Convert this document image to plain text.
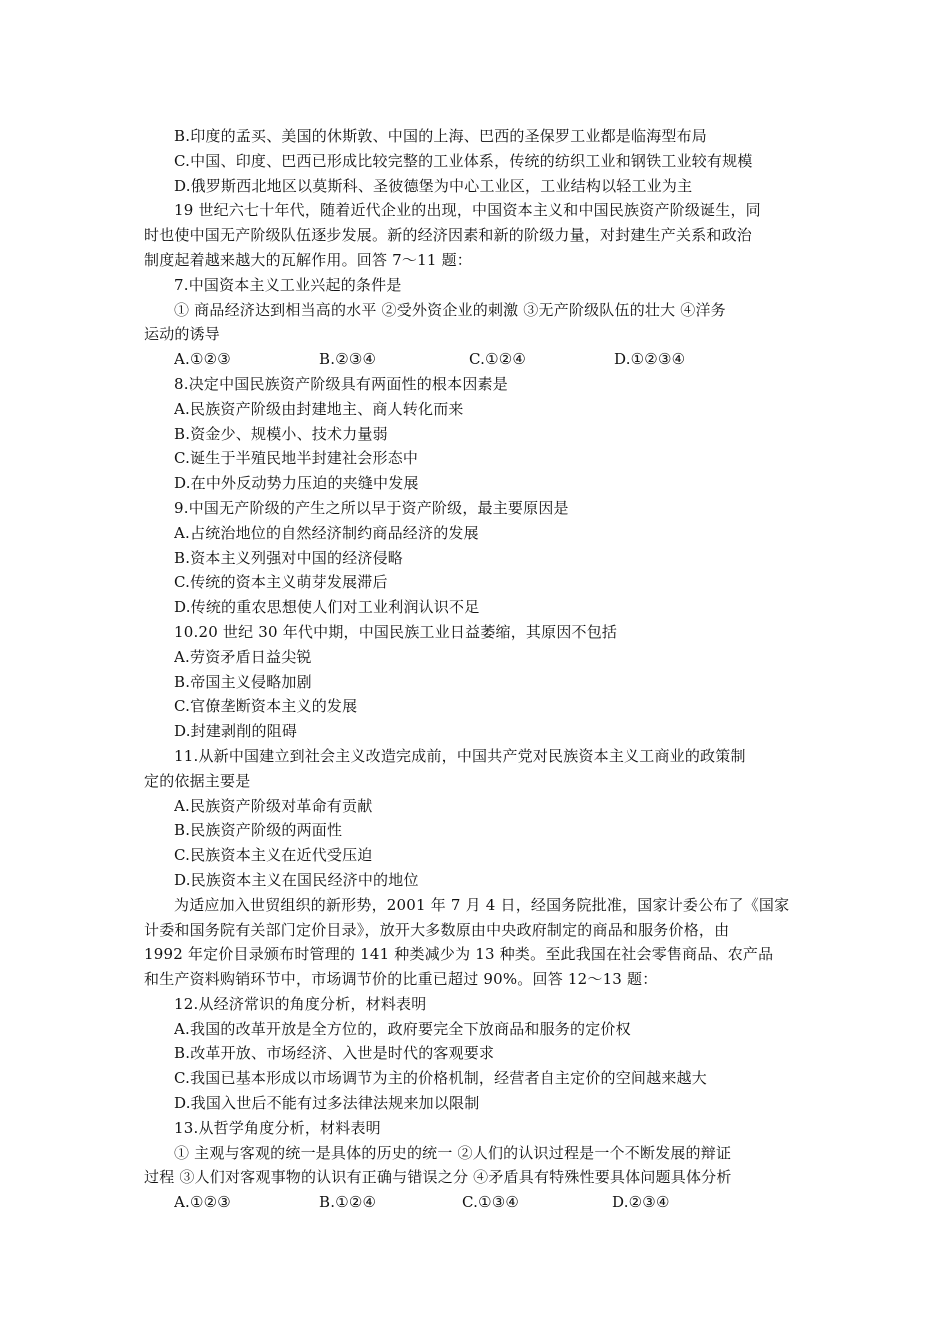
B.印度的孟买、美国的休斯敦、中国的上海、巴西的圣保罗工业都是临海型布局

C.中国、印度、巴西已形成比较完整的工业体系，传统的纺织工业和钢铁工业较有规模

D.俄罗斯西北地区以莫斯科、圣彼德堡为中心工业区，工业结构以轻工业为主

19 世纪六七十年代，随着近代企业的出现，中国资本主义和中国民族资产阶级诞生，同

时也使中国无产阶级队伍逐步发展。新的经济因素和新的阶级力量，对封建生产关系和政治

制度起着越来越大的瓦解作用。回答 7～11 题：

7.中国资本主义工业兴起的条件是

① 商品经济达到相当高的水平 ②受外资企业的刺激 ③无产阶级队伍的壮大 ④洋务

运动的诱导

A.①②③	B.②③④	C.①②④	D.①②③④

8.决定中国民族资产阶级具有两面性的根本因素是

A.民族资产阶级由封建地主、商人转化而来

B.资金少、规模小、技术力量弱

C.诞生于半殖民地半封建社会形态中

D.在中外反动势力压迫的夹缝中发展

9.中国无产阶级的产生之所以早于资产阶级，最主要原因是

A.占统治地位的自然经济制约商品经济的发展

B.资本主义列强对中国的经济侵略

C.传统的资本主义萌芽发展滞后

D.传统的重农思想使人们对工业利润认识不足

10.20 世纪 30 年代中期，中国民族工业日益萎缩，其原因不包括

A.劳资矛盾日益尖锐

B.帝国主义侵略加剧

C.官僚垄断资本主义的发展

D.封建剥削的阻碍

11.从新中国建立到社会主义改造完成前，中国共产党对民族资本主义工商业的政策制

定的依据主要是

A.民族资产阶级对革命有贡献

B.民族资产阶级的两面性

C.民族资本主义在近代受压迫

D.民族资本主义在国民经济中的地位

为适应加入世贸组织的新形势，2001 年 7 月 4 日，经国务院批准，国家计委公布了《国家

计委和国务院有关部门定价目录》，放开大多数原由中央政府制定的商品和服务价格，由

1992 年定价目录颁布时管理的 141 种类减少为 13 种类。至此我国在社会零售商品、农产品

和生产资料购销环节中，市场调节价的比重已超过 90%。回答 12～13 题：

12.从经济常识的角度分析，材料表明

A.我国的改革开放是全方位的，政府要完全下放商品和服务的定价权

B.改革开放、市场经济、入世是时代的客观要求

C.我国已基本形成以市场调节为主的价格机制，经营者自主定价的空间越来越大

D.我国入世后不能有过多法律法规来加以限制

13.从哲学角度分析，材料表明

① 主观与客观的统一是具体的历史的统一 ②人们的认识过程是一个不断发展的辩证

过程 ③人们对客观事物的认识有正确与错误之分 ④矛盾具有特殊性要具体问题具体分析

A.①②③	B.①②④	C.①③④	D.②③④
